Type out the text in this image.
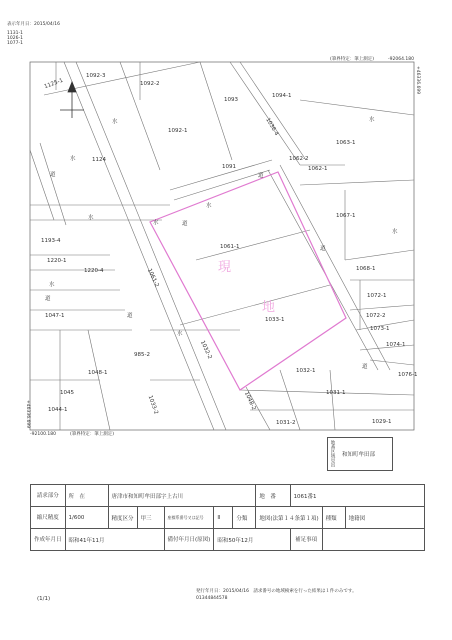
表示年月日：2015/04/16
1131-1
1026-1
1077-1
(筆界特定：筆上測定)	-92064.180
+46336.699
-92100.180	(筆界特定：筆上測定)
+46336.699
1092-3
1092-2
1093
1094-1
1092-1
1124
1091
1062-2
1063-1
1062-1
1067-1
1061-1
1193-4
1220-1
1220-4	1068-1
1072-1
1047-1
1033-1
1072-2
1073-1
1074-1
985-2
1048-1	1032-1
1031-1
1076-1
1045
1044-1
1031-2	1029-1
1125-1
1036-4
1061-2
1032-2
1033-2	1048-2
水
水
水
水
水
水
水
水
水
道	道
道
道
道
道
道
現
地
地番区域見出 和知町牟田部
請求部分	所　在	唐津市和知町牟田部字上古川					地　番	1061番1		
縮尺精度	1/600	精度区分	甲三	座標系番号又は記号	Ⅱ	分類	地図(法第１４条第１項)		種類	地籍図
作成年月日	昭和41年11月			備付年月日(原図)	昭和50年12月			補足事項		
(1/1)
発行年月日：2015/04/16　請求番号の地域検索を行った結果は１件のみです。
01344844578
